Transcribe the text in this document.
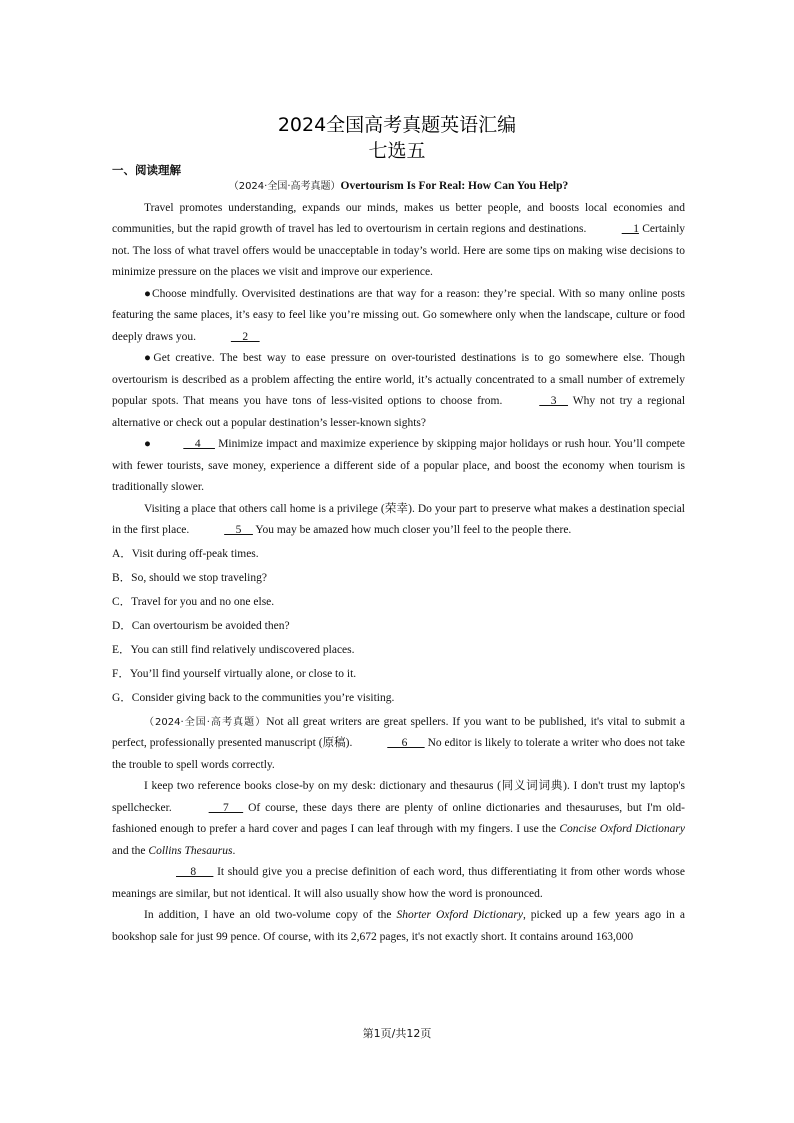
2024全国高考真题英语汇编
七选五
一、阅读理解

（2024·全国·高考真题）Overtourism Is For Real: How Can You Help?

Travel promotes understanding, expands our minds, makes us better people, and boosts local economies and communities, but the rapid growth of travel has led to overtourism in certain regions and destinations.	1 Certainly not. The loss of what travel offers would be unacceptable in today’s world. Here are some tips on making wise decisions to minimize pressure on the places we visit and improve our experience.

●Choose mindfully. Overvisited destinations are that way for a reason: they’re special. With so many online posts featuring the same places, it’s easy to feel like you’re missing out. Go somewhere only when the landscape, culture or food deeply draws you.	2

●Get creative. The best way to ease pressure on over-touristed destinations is to go somewhere else. Though overtourism is described as a problem affecting the entire world, it’s actually concentrated to a small number of extremely popular spots. That means you have tons of less-visited options to choose from.	3     Why not try a regional alternative or check out a popular destination’s lesser-known sights?

●	4      Minimize impact and maximize experience by skipping major holidays or rush hour. You’ll compete with fewer tourists, save money, experience a different side of a popular place, and boost the economy when tourism is traditionally slower.

Visiting a place that others call home is a privilege (荣幸). Do your part to preserve what makes a destination special in the first place.	5     You may be amazed how much closer you’ll feel to the people there.

A．Visit during off-peak times.

B．So, should we stop traveling?

C．Travel for you and no one else.

D．Can overtourism be avoided then?

E．You can still find relatively undiscovered places.

F．You’ll find yourself virtually alone, or close to it.

G．Consider giving back to the communities you’re visiting.

（2024·全国·高考真题）Not all great writers are great spellers. If you want to be published, it's vital to submit a perfect, professionally presented manuscript (原稿).	6       No editor is likely to tolerate a writer who does not take the trouble to spell words correctly.

I keep two reference books close-by on my desk: dictionary and thesaurus (同义词词典). I don't trust my laptop's spellchecker.	7      Of course, these days there are plenty of online dictionaries and thesauruses, but I'm old-fashioned enough to prefer a hard cover and pages I can leaf through with my fingers. I use the Concise Oxford Dictionary and the Collins Thesaurus.

8       It should give you a precise definition of each word, thus differentiating it from other words whose meanings are similar, but not identical. It will also usually show how the word is pronounced.

In addition, I have an old two-volume copy of the Shorter Oxford Dictionary, picked up a few years ago in a bookshop sale for just 99 pence. Of course, with its 2,672 pages, it's not exactly short. It contains around 163,000

第1页/共12页
